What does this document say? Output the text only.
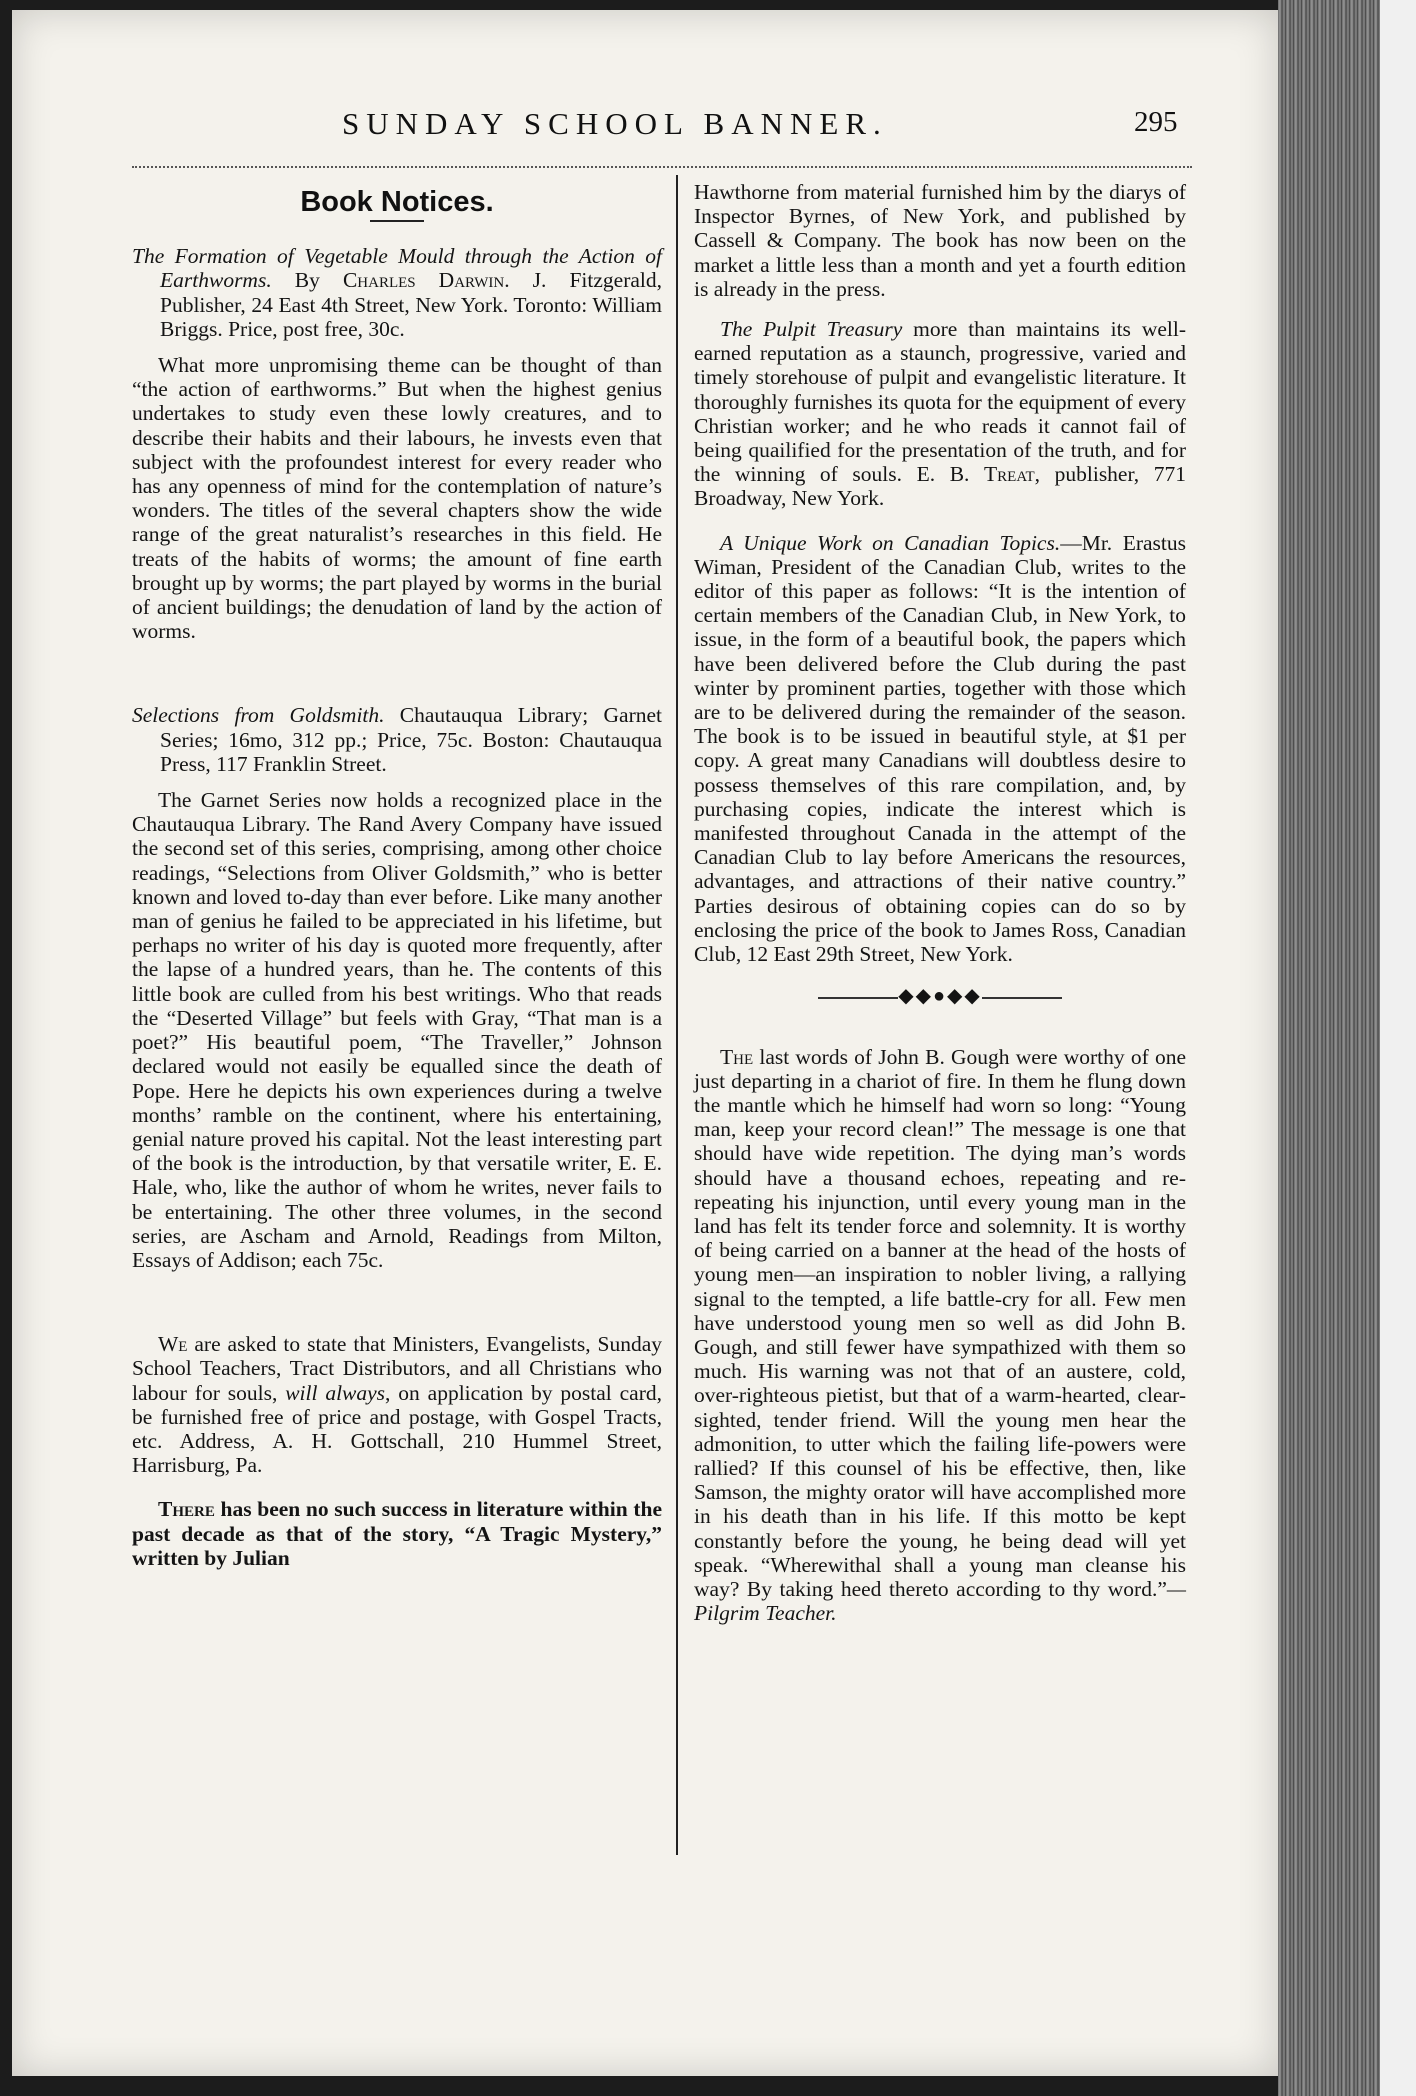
SUNDAY SCHOOL BANNER.	295
Book Notices.

The Formation of Vegetable Mould through the Action of Earthworms. By Charles Darwin. J. Fitzgerald, Publisher, 24 East 4th Street, New York. Toronto: William Briggs. Price, post free, 30c.

What more unpromising theme can be thought of than “the action of earthworms.” But when the highest genius undertakes to study even these lowly creatures, and to describe their habits and their labours, he invests even that subject with the profoundest interest for every reader who has any openness of mind for the contemplation of nature’s wonders. The titles of the several chapters show the wide range of the great naturalist’s researches in this field. He treats of the habits of worms; the amount of fine earth brought up by worms; the part played by worms in the burial of ancient buildings; the denudation of land by the action of worms.

Selections from Goldsmith. Chautauqua Library; Garnet Series; 16mo, 312 pp.; Price, 75c. Boston: Chautauqua Press, 117 Franklin Street.

The Garnet Series now holds a recognized place in the Chautauqua Library. The Rand Avery Company have issued the second set of this series, comprising, among other choice readings, “Selections from Oliver Goldsmith,” who is better known and loved to-day than ever before. Like many another man of genius he failed to be appreciated in his lifetime, but perhaps no writer of his day is quoted more frequently, after the lapse of a hundred years, than he. The contents of this little book are culled from his best writings. Who that reads the “Deserted Village” but feels with Gray, “That man is a poet?” His beautiful poem, “The Traveller,” Johnson declared would not easily be equalled since the death of Pope. Here he depicts his own experiences during a twelve months’ ramble on the continent, where his entertaining, genial nature proved his capital. Not the least interesting part of the book is the introduction, by that versatile writer, E. E. Hale, who, like the author of whom he writes, never fails to be entertaining. The other three volumes, in the second series, are Ascham and Arnold, Readings from Milton, Essays of Addison; each 75c.

We are asked to state that Ministers, Evangelists, Sunday School Teachers, Tract Distributors, and all Christians who labour for souls, will always, on application by postal card, be furnished free of price and postage, with Gospel Tracts, etc. Address, A. H. Gottschall, 210 Hummel Street, Harrisburg, Pa.

There has been no such success in literature within the past decade as that of the story, “A Tragic Mystery,” written by Julian

Hawthorne from material furnished him by the diarys of Inspector Byrnes, of New York, and published by Cassell & Company. The book has now been on the market a little less than a month and yet a fourth edition is already in the press.

The Pulpit Treasury more than maintains its well-earned reputation as a staunch, progressive, varied and timely storehouse of pulpit and evangelistic literature. It thoroughly furnishes its quota for the equipment of every Christian worker; and he who reads it cannot fail of being quailified for the presentation of the truth, and for the winning of souls. E. B. Treat, publisher, 771 Broadway, New York.

A Unique Work on Canadian Topics.—Mr. Erastus Wiman, President of the Canadian Club, writes to the editor of this paper as follows: “It is the intention of certain members of the Canadian Club, in New York, to issue, in the form of a beautiful book, the papers which have been delivered before the Club during the past winter by prominent parties, together with those which are to be delivered during the remainder of the season. The book is to be issued in beautiful style, at $1 per copy. A great many Canadians will doubtless desire to possess themselves of this rare compilation, and, by purchasing copies, indicate the interest which is manifested throughout Canada in the attempt of the Canadian Club to lay before Americans the resources, advantages, and attractions of their native country.” Parties desirous of obtaining copies can do so by enclosing the price of the book to James Ross, Canadian Club, 12 East 29th Street, New York.

◆◆●◆◆

The last words of John B. Gough were worthy of one just departing in a chariot of fire. In them he flung down the mantle which he himself had worn so long: “Young man, keep your record clean!” The message is one that should have wide repetition. The dying man’s words should have a thousand echoes, repeating and re-repeating his injunction, until every young man in the land has felt its tender force and solemnity. It is worthy of being carried on a banner at the head of the hosts of young men—an inspiration to nobler living, a rallying signal to the tempted, a life battle-cry for all. Few men have understood young men so well as did John B. Gough, and still fewer have sympathized with them so much. His warning was not that of an austere, cold, over-righteous pietist, but that of a warm-hearted, clear-sighted, tender friend. Will the young men hear the admonition, to utter which the failing life-powers were rallied? If this counsel of his be effective, then, like Samson, the mighty orator will have accomplished more in his death than in his life. If this motto be kept constantly before the young, he being dead will yet speak. “Wherewithal shall a young man cleanse his way? By taking heed thereto according to thy word.”—Pilgrim Teacher.
